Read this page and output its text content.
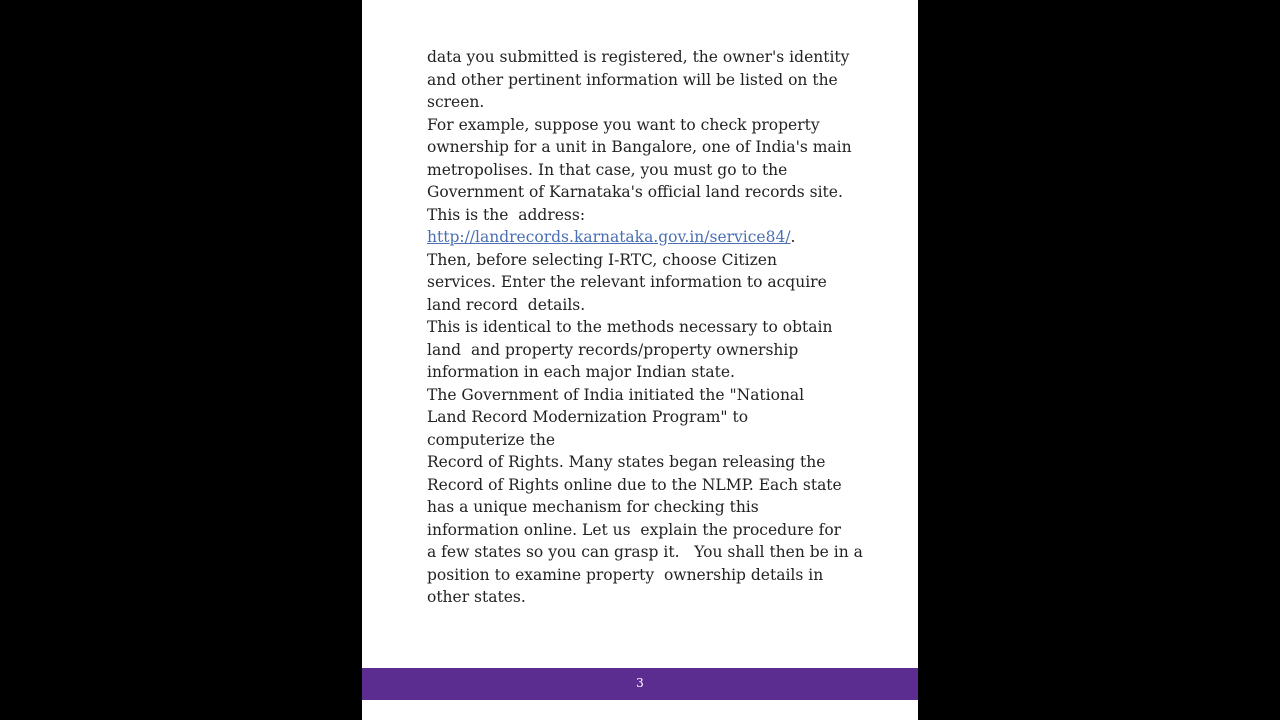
data you submitted is registered, the owner's identity
and other pertinent information will be listed on the
screen.
For example, suppose you want to check property
ownership for a unit in Bangalore, one of India's main
metropolises. In that case, you must go to the
Government of Karnataka's official land records site.
This is the  address:
http://landrecords.karnataka.gov.in/service84/.
Then, before selecting I-RTC, choose Citizen
services. Enter the relevant information to acquire
land record  details.
This is identical to the methods necessary to obtain
land  and property records/property ownership
information in each major Indian state.
The Government of India initiated the "National
Land Record Modernization Program" to
computerize the
Record of Rights. Many states began releasing the
Record of Rights online due to the NLMP. Each state
has a unique mechanism for checking this
information online. Let us  explain the procedure for
a few states so you can grasp it.   You shall then be in a
position to examine property  ownership details in
other states.
3
